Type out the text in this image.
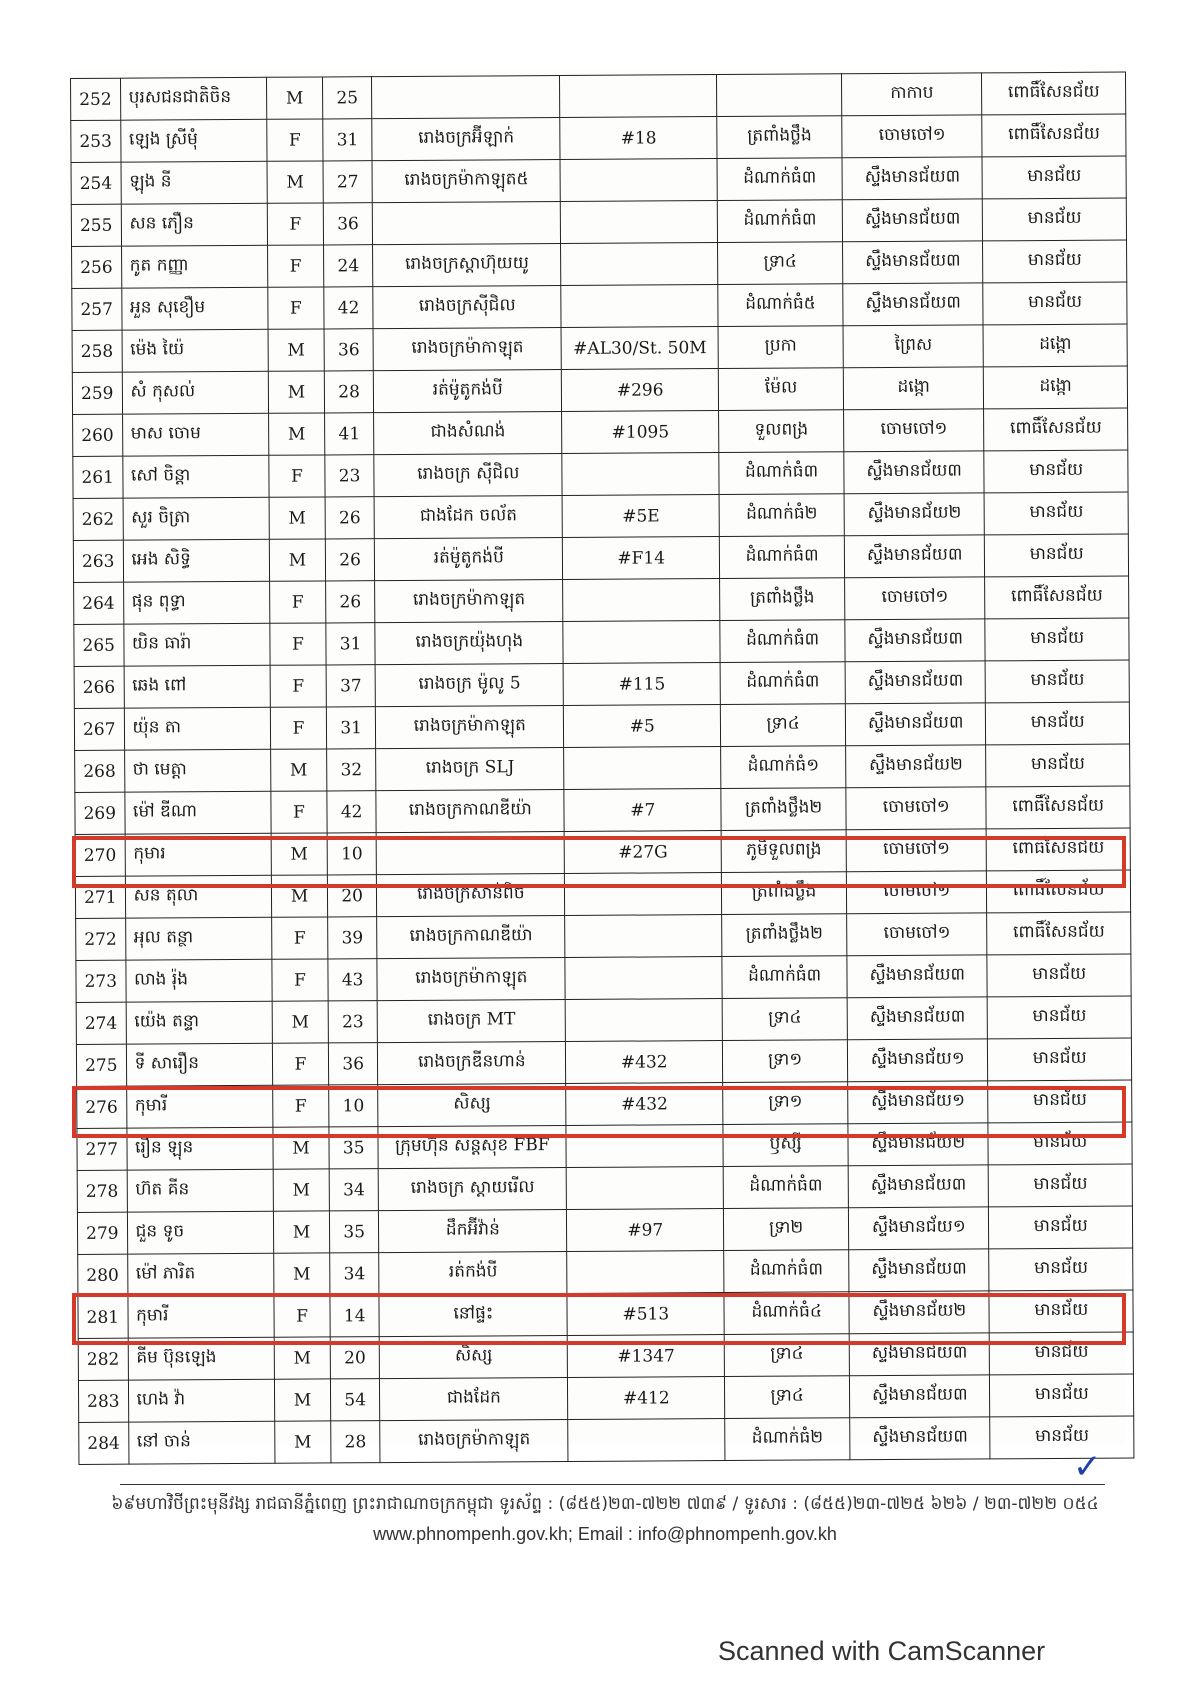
252	បុរសជនជាតិចិន	M	25				កាកាប	ពោធិ៍សែនជ័យ
253	ឡេង ស្រីមុំ	F	31	រោងចក្រអ៊ីឡាក់	#18	ត្រពាំងថ្លឹង	ចោមចៅ១	ពោធិ៍សែនជ័យ
254	ឡុង នី	M	27	រោងចក្រម៉ាកាឡុត៥		ដំណាក់ធំ៣	ស្ទឹងមានជ័យ៣	មានជ័យ
255	សន ភឿន	F	36			ដំណាក់ធំ៣	ស្ទឹងមានជ័យ៣	មានជ័យ
256	កូត កញ្ញា	F	24	រោងចក្រស្តាហ៊ុយយូ		ទ្រា៤	ស្ទឹងមានជ័យ៣	មានជ័យ
257	អួន សុខឿម	F	42	រោងចក្រស៊ីជិល		ដំណាក់ធំ៥	ស្ទឹងមានជ័យ៣	មានជ័យ
258	ម៉េង យ៉ៃ	M	36	រោងចក្រម៉ាកាឡុត	#AL30/St. 50M	ប្រកា	ព្រៃស	ដង្កោ
259	សំ កុសល់	M	28	រត់ម៉ូតូកង់បី	#296	ម៉ែល	ដង្កោ	ដង្កោ
260	មាស ចោម	M	41	ជាងសំណង់	#1095	ទួលពង្រ	ចោមចៅ១	ពោធិ៍សែនជ័យ
261	សៅ ចិន្តា	F	23	រោងចក្រ ស៊ីជិល		ដំណាក់ធំ៣	ស្ទឹងមានជ័យ៣	មានជ័យ
262	សួរ ចិត្រា	M	26	ជាងដែក ចល័ត	#5E	ដំណាក់ធំ២	ស្ទឹងមានជ័យ២	មានជ័យ
263	អេង សិទ្ធិ	M	26	រត់ម៉ូតូកង់បី	#F14	ដំណាក់ធំ៣	ស្ទឹងមានជ័យ៣	មានជ័យ
264	ផុន ពុទ្ធា	F	26	រោងចក្រម៉ាកាឡុត		ត្រពាំងថ្លឹង	ចោមចៅ១	ពោធិ៍សែនជ័យ
265	យិន ធារ៉ា	F	31	រោងចក្រយ៉ុងហុង		ដំណាក់ធំ៣	ស្ទឹងមានជ័យ៣	មានជ័យ
266	ឆេង ពៅ	F	37	រោងចក្រ ម៉ូលូ 5	#115	ដំណាក់ធំ៣	ស្ទឹងមានជ័យ៣	មានជ័យ
267	យ៉ុន តា	F	31	រោងចក្រម៉ាកាឡុត	#5	ទ្រា៤	ស្ទឹងមានជ័យ៣	មានជ័យ
268	ថា មេត្តា	M	32	រោងចក្រ SLJ		ដំណាក់ធំ១	ស្ទឹងមានជ័យ២	មានជ័យ
269	ម៉ៅ ឌីណា	F	42	រោងចក្រកាណឌីយ៉ា	#7	ត្រពាំងថ្លឹង២	ចោមចៅ១	ពោធិ៍សែនជ័យ
270	កុមារ	M	10		#27G	ភូមិទួលពង្រ	ចោមចៅ១	ពោធិ៍សែនជ័យ
271	សិន តុលា	M	20	រោងចក្រសាន់ពិច		ត្រពាំងថ្លឹង	ចោមចៅ១	ពោធិ៍សែនជ័យ
272	អុល តន្ថា	F	39	រោងចក្រកាណឌីយ៉ា		ត្រពាំងថ្លឹង២	ចោមចៅ១	ពោធិ៍សែនជ័យ
273	លាង រ៉ុង	F	43	រោងចក្រម៉ាកាឡុត		ដំណាក់ធំ៣	ស្ទឹងមានជ័យ៣	មានជ័យ
274	យ៉េង តន្ទា	M	23	រោងចក្រ MT		ទ្រា៤	ស្ទឹងមានជ័យ៣	មានជ័យ
275	ទី សារឿន	F	36	រោងចក្រឌីនហាន់	#432	ទ្រា១	ស្ទឹងមានជ័យ១	មានជ័យ
276	កុមារី	F	10	សិស្ស	#432	ទ្រា១	ស្ទឹងមានជ័យ១	មានជ័យ
277	រឿន ឡុន	M	35	ក្រុមហ៊ុន សន្តិសុខ FBF		ឫស្សី	ស្ទឹងមានជ័យ២	មានជ័យ
278	ហ៊ត គីន	M	34	រោងចក្រ ស្តាយរើល		ដំណាក់ធំ៣	ស្ទឹងមានជ័យ៣	មានជ័យ
279	ជួន ទូច	M	35	ដឹកអ៊ីវ៉ាន់	#97	ទ្រា២	ស្ទឹងមានជ័យ១	មានជ័យ
280	ម៉ៅ ភារិត	M	34	រត់កង់បី		ដំណាក់ធំ៣	ស្ទឹងមានជ័យ៣	មានជ័យ
281	កុមារី	F	14	នៅផ្ទះ	#513	ដំណាក់ធំ៤	ស្ទឹងមានជ័យ២	មានជ័យ
282	គីម ប៊ុនឡេង	M	20	សិស្ស	#1347	ទ្រា៤	ស្ទឹងមានជ័យ៣	មានជ័យ
283	ហេង វ៉ា	M	54	ជាងដែក	#412	ទ្រា៤	ស្ទឹងមានជ័យ៣	មានជ័យ
284	នៅ ចាន់	M	28	រោងចក្រម៉ាកាឡុត		ដំណាក់ធំ២	ស្ទឹងមានជ័យ៣	មានជ័យ
✓
៦៩មហាវិថីព្រះមុនីវង្ស រាជធានីភ្នំពេញ ព្រះរាជាណាចក្រកម្ពុជា ទូរស័ព្ទ : (៨៥៥)២៣-៧២២ ៧៣៩ / ទូរសារ : (៨៥៥)២៣-៧២៥ ៦២៦ / ២៣-៧២២ ០៥៤
www.phnompenh.gov.kh; Email : info@phnompenh.gov.kh
Scanned with CamScanner
